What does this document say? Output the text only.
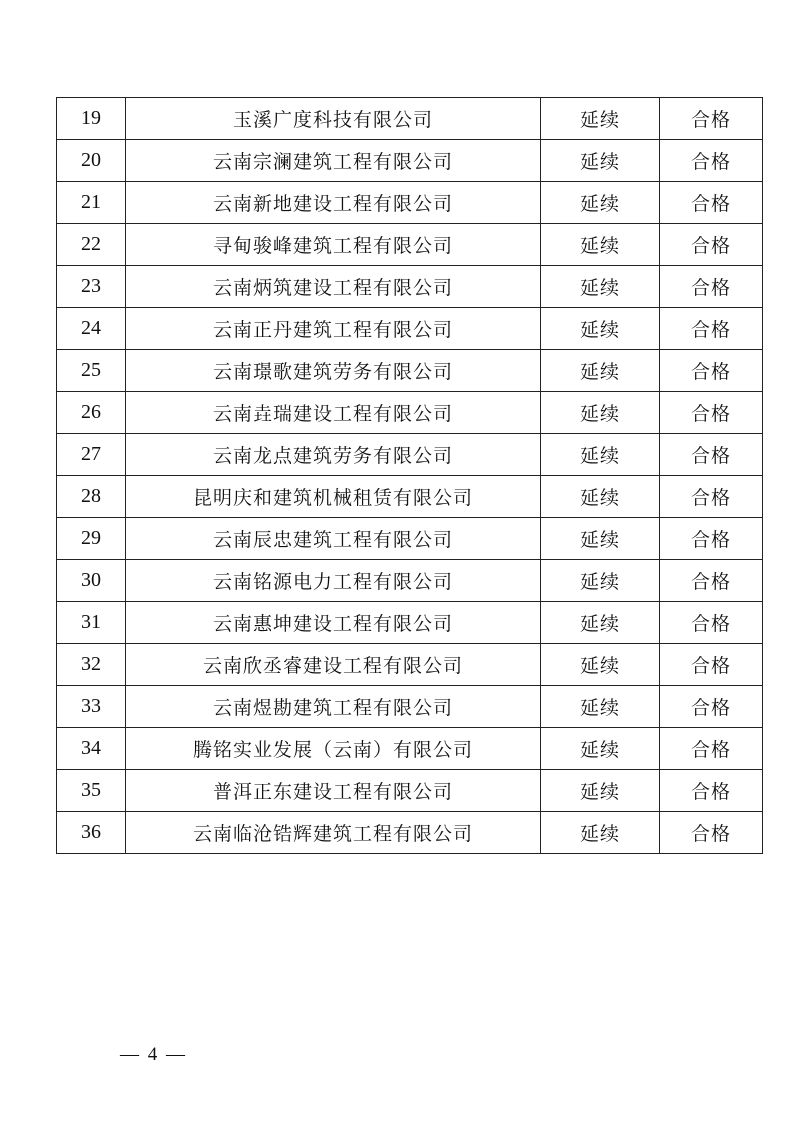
19	玉溪广度科技有限公司	延续	合格
20	云南宗澜建筑工程有限公司	延续	合格
21	云南新地建设工程有限公司	延续	合格
22	寻甸骏峰建筑工程有限公司	延续	合格
23	云南炳筑建设工程有限公司	延续	合格
24	云南正丹建筑工程有限公司	延续	合格
25	云南璟歌建筑劳务有限公司	延续	合格
26	云南垚瑞建设工程有限公司	延续	合格
27	云南龙点建筑劳务有限公司	延续	合格
28	昆明庆和建筑机械租赁有限公司	延续	合格
29	云南辰忠建筑工程有限公司	延续	合格
30	云南铭源电力工程有限公司	延续	合格
31	云南惠坤建设工程有限公司	延续	合格
32	云南欣丞睿建设工程有限公司	延续	合格
33	云南煜勘建筑工程有限公司	延续	合格
34	腾铭实业发展（云南）有限公司	延续	合格
35	普洱正东建设工程有限公司	延续	合格
36	云南临沧锆辉建筑工程有限公司	延续	合格
— 4 —
